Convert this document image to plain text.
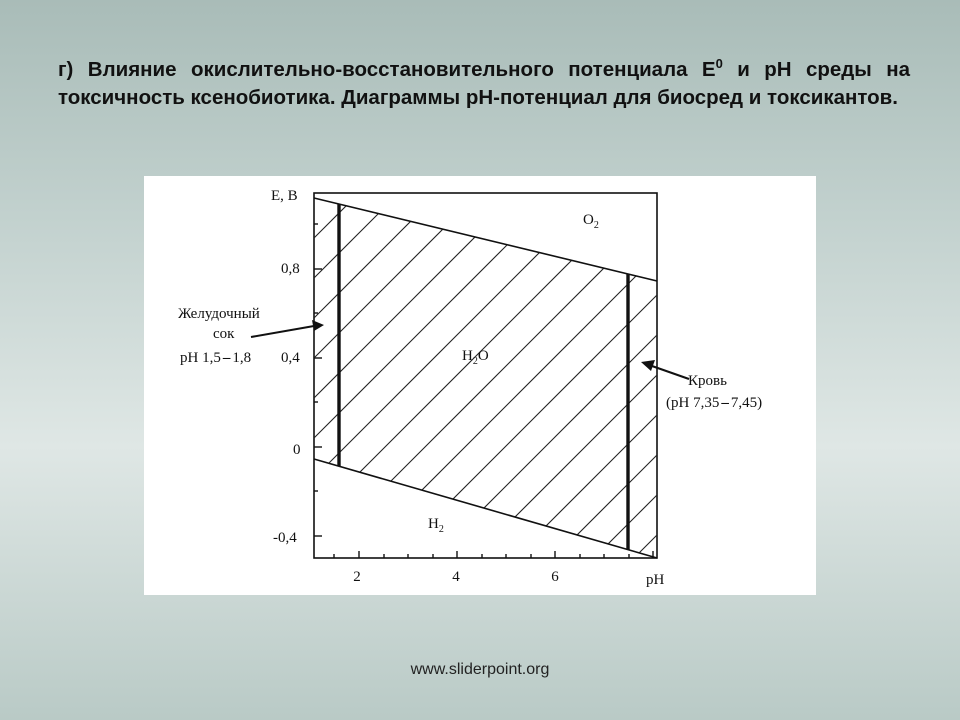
г) Влияние окислительно-восстановительного потенциала $E^0$ и pH среды на токсичность ксенобиотика. Диаграммы pH-потенциал для биосред и токсикантов.
E, B
0,8
0,4
0
-0,4
2	4	6	pH
$O_2$
$H_2O$
$H_2$
Желудочный
сок
pH 1,5 – 1,8
Кровь
(pH 7,35 – 7,45)
www.sliderpoint.org
